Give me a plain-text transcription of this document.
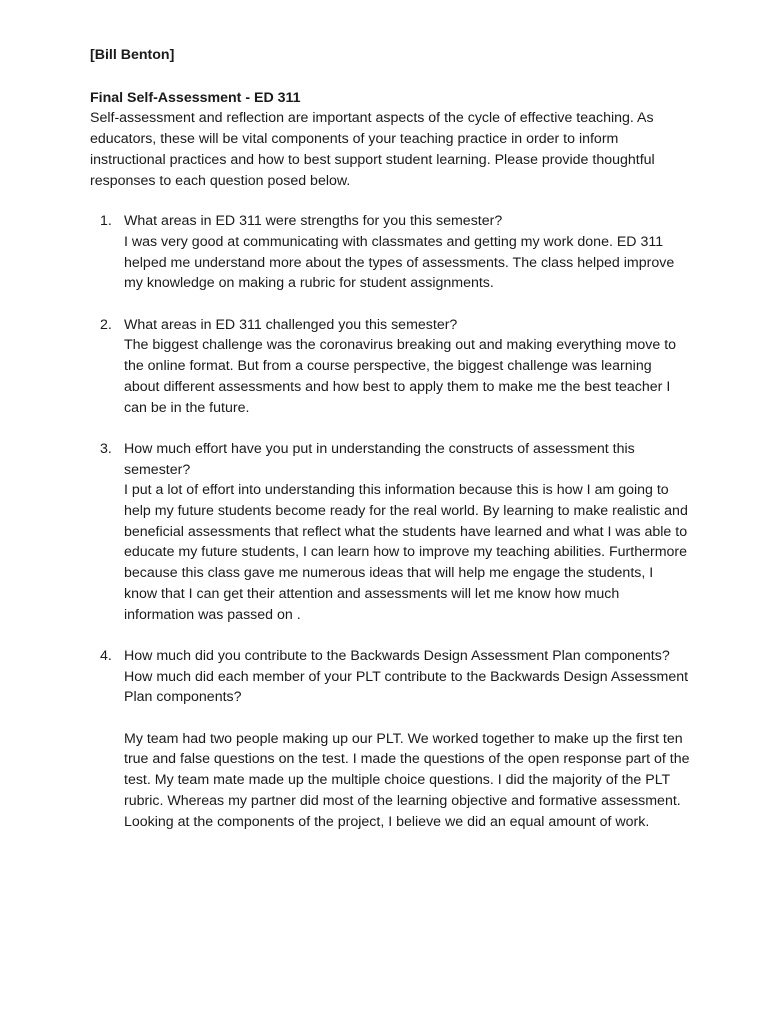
[Bill Benton]

Final Self-Assessment - ED 311

Self-assessment and reflection are important aspects of the cycle of effective teaching. As educators, these will be vital components of your teaching practice in order to inform instructional practices and how to best support student learning. Please provide thoughtful responses to each question posed below.

1. What areas in ED 311 were strengths for you this semester?
I was very good at communicating with classmates and getting my work done. ED 311 helped me understand more about the types of assessments. The class helped improve my knowledge on making a rubric for student assignments.
2. What areas in ED 311 challenged you this semester?
The biggest challenge was the coronavirus breaking out and making everything move to the online format. But from a course perspective, the biggest challenge was learning about different assessments and how best to apply them to make me the best teacher I can be in the future.
3. How much effort have you put in understanding the constructs of assessment this semester?
I put a lot of effort into understanding this information because this is how I am going to help my future students become ready for the real world. By learning to make realistic and beneficial assessments that reflect what the students have learned and what I was able to educate my future students, I can learn how to improve my teaching abilities. Furthermore because this class gave me numerous ideas that will help me engage the students, I know that I can get their attention and assessments will let me know how much information was passed on .
4. How much did you contribute to the Backwards Design Assessment Plan components? How much did each member of your PLT contribute to the Backwards Design Assessment Plan components?
My team had two people making up our PLT. We worked together to make up the first ten true and false questions on the test. I made the questions of the open response part of the test. My team mate made up the multiple choice questions. I did the majority of the PLT rubric. Whereas my partner did most of the learning objective and formative assessment. Looking at the components of the project, I believe we did an equal amount of work.
